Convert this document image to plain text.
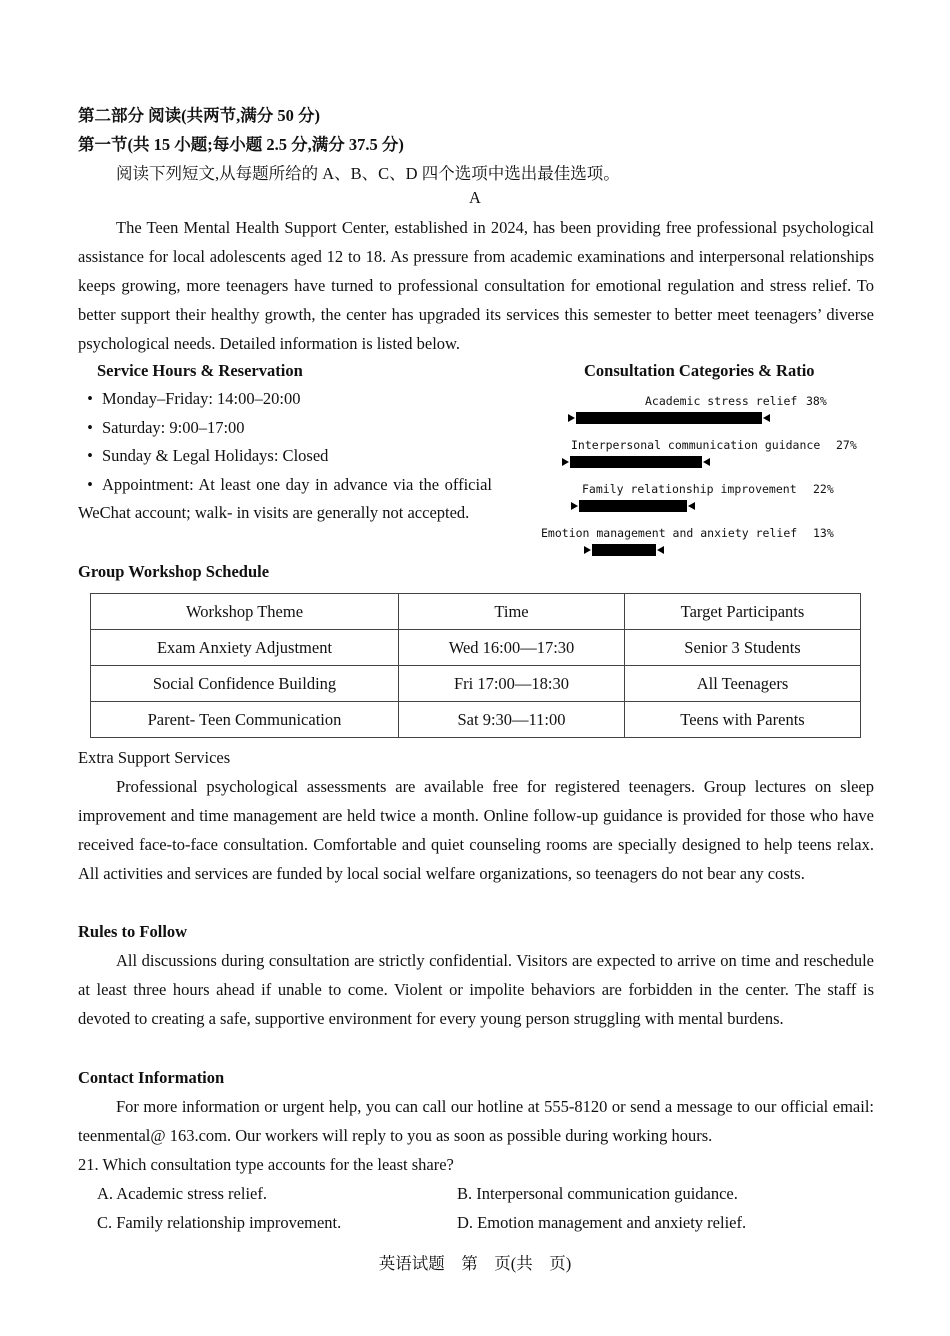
第二部分 阅读(共两节,满分 50 分)
第一节(共 15 小题;每小题 2.5 分,满分 37.5 分)
阅读下列短文,从每题所给的 A、B、C、D 四个选项中选出最佳选项。
A

The Teen Mental Health Support Center, established in 2024, has been providing free professional psychological assistance for local adolescents aged 12 to 18. As pressure from academic examinations and interpersonal relationships keeps growing, more teenagers have turned to professional consultation for emotional regulation and stress relief. To better support their healthy growth, the center has upgraded its services this semester to better meet teenagers’ diverse psychological needs. Detailed information is listed below.

Service Hours & Reservation
• Monday–Friday: 14:00–20:00
• Saturday: 9:00–17:00
• Sunday & Legal Holidays: Closed
• Appointment: At least one day in advance via the official WeChat account; walk- in visits are generally not accepted.
Consultation Categories & Ratio
Academic stress relief 38%
Interpersonal communication guidance 27%
Family relationship improvement 22%
Emotion management and anxiety relief 13%
Group Workshop Schedule
Workshop Theme	Time	Target Participants
Exam Anxiety Adjustment	Wed 16:00—17:30	Senior 3 Students
Social Confidence Building	Fri 17:00—18:30	All Teenagers
Parent- Teen Communication	Sat 9:30—11:00	Teens with Parents
Extra Support Services

Professional psychological assessments are available free for registered teenagers. Group lectures on sleep improvement and time management are held twice a month. Online follow-up guidance is provided for those who have received face-to-face consultation. Comfortable and quiet counseling rooms are specially designed to help teens relax. All activities and services are funded by local social welfare organizations, so teenagers do not bear any costs.

Rules to Follow

All discussions during consultation are strictly confidential. Visitors are expected to arrive on time and reschedule at least three hours ahead if unable to come. Violent or impolite behaviors are forbidden in the center. The staff is devoted to creating a safe, supportive environment for every young person struggling with mental burdens.

Contact Information

For more information or urgent help, you can call our hotline at 555-8120 or send a message to our official email: teenmental@ 163.com. Our workers will reply to you as soon as possible during working hours.

21. Which consultation type accounts for the least share?
A. Academic stress relief.	B. Interpersonal communication guidance.
C. Family relationship improvement.	D. Emotion management and anxiety relief.
英语试题　第　页(共　页)
